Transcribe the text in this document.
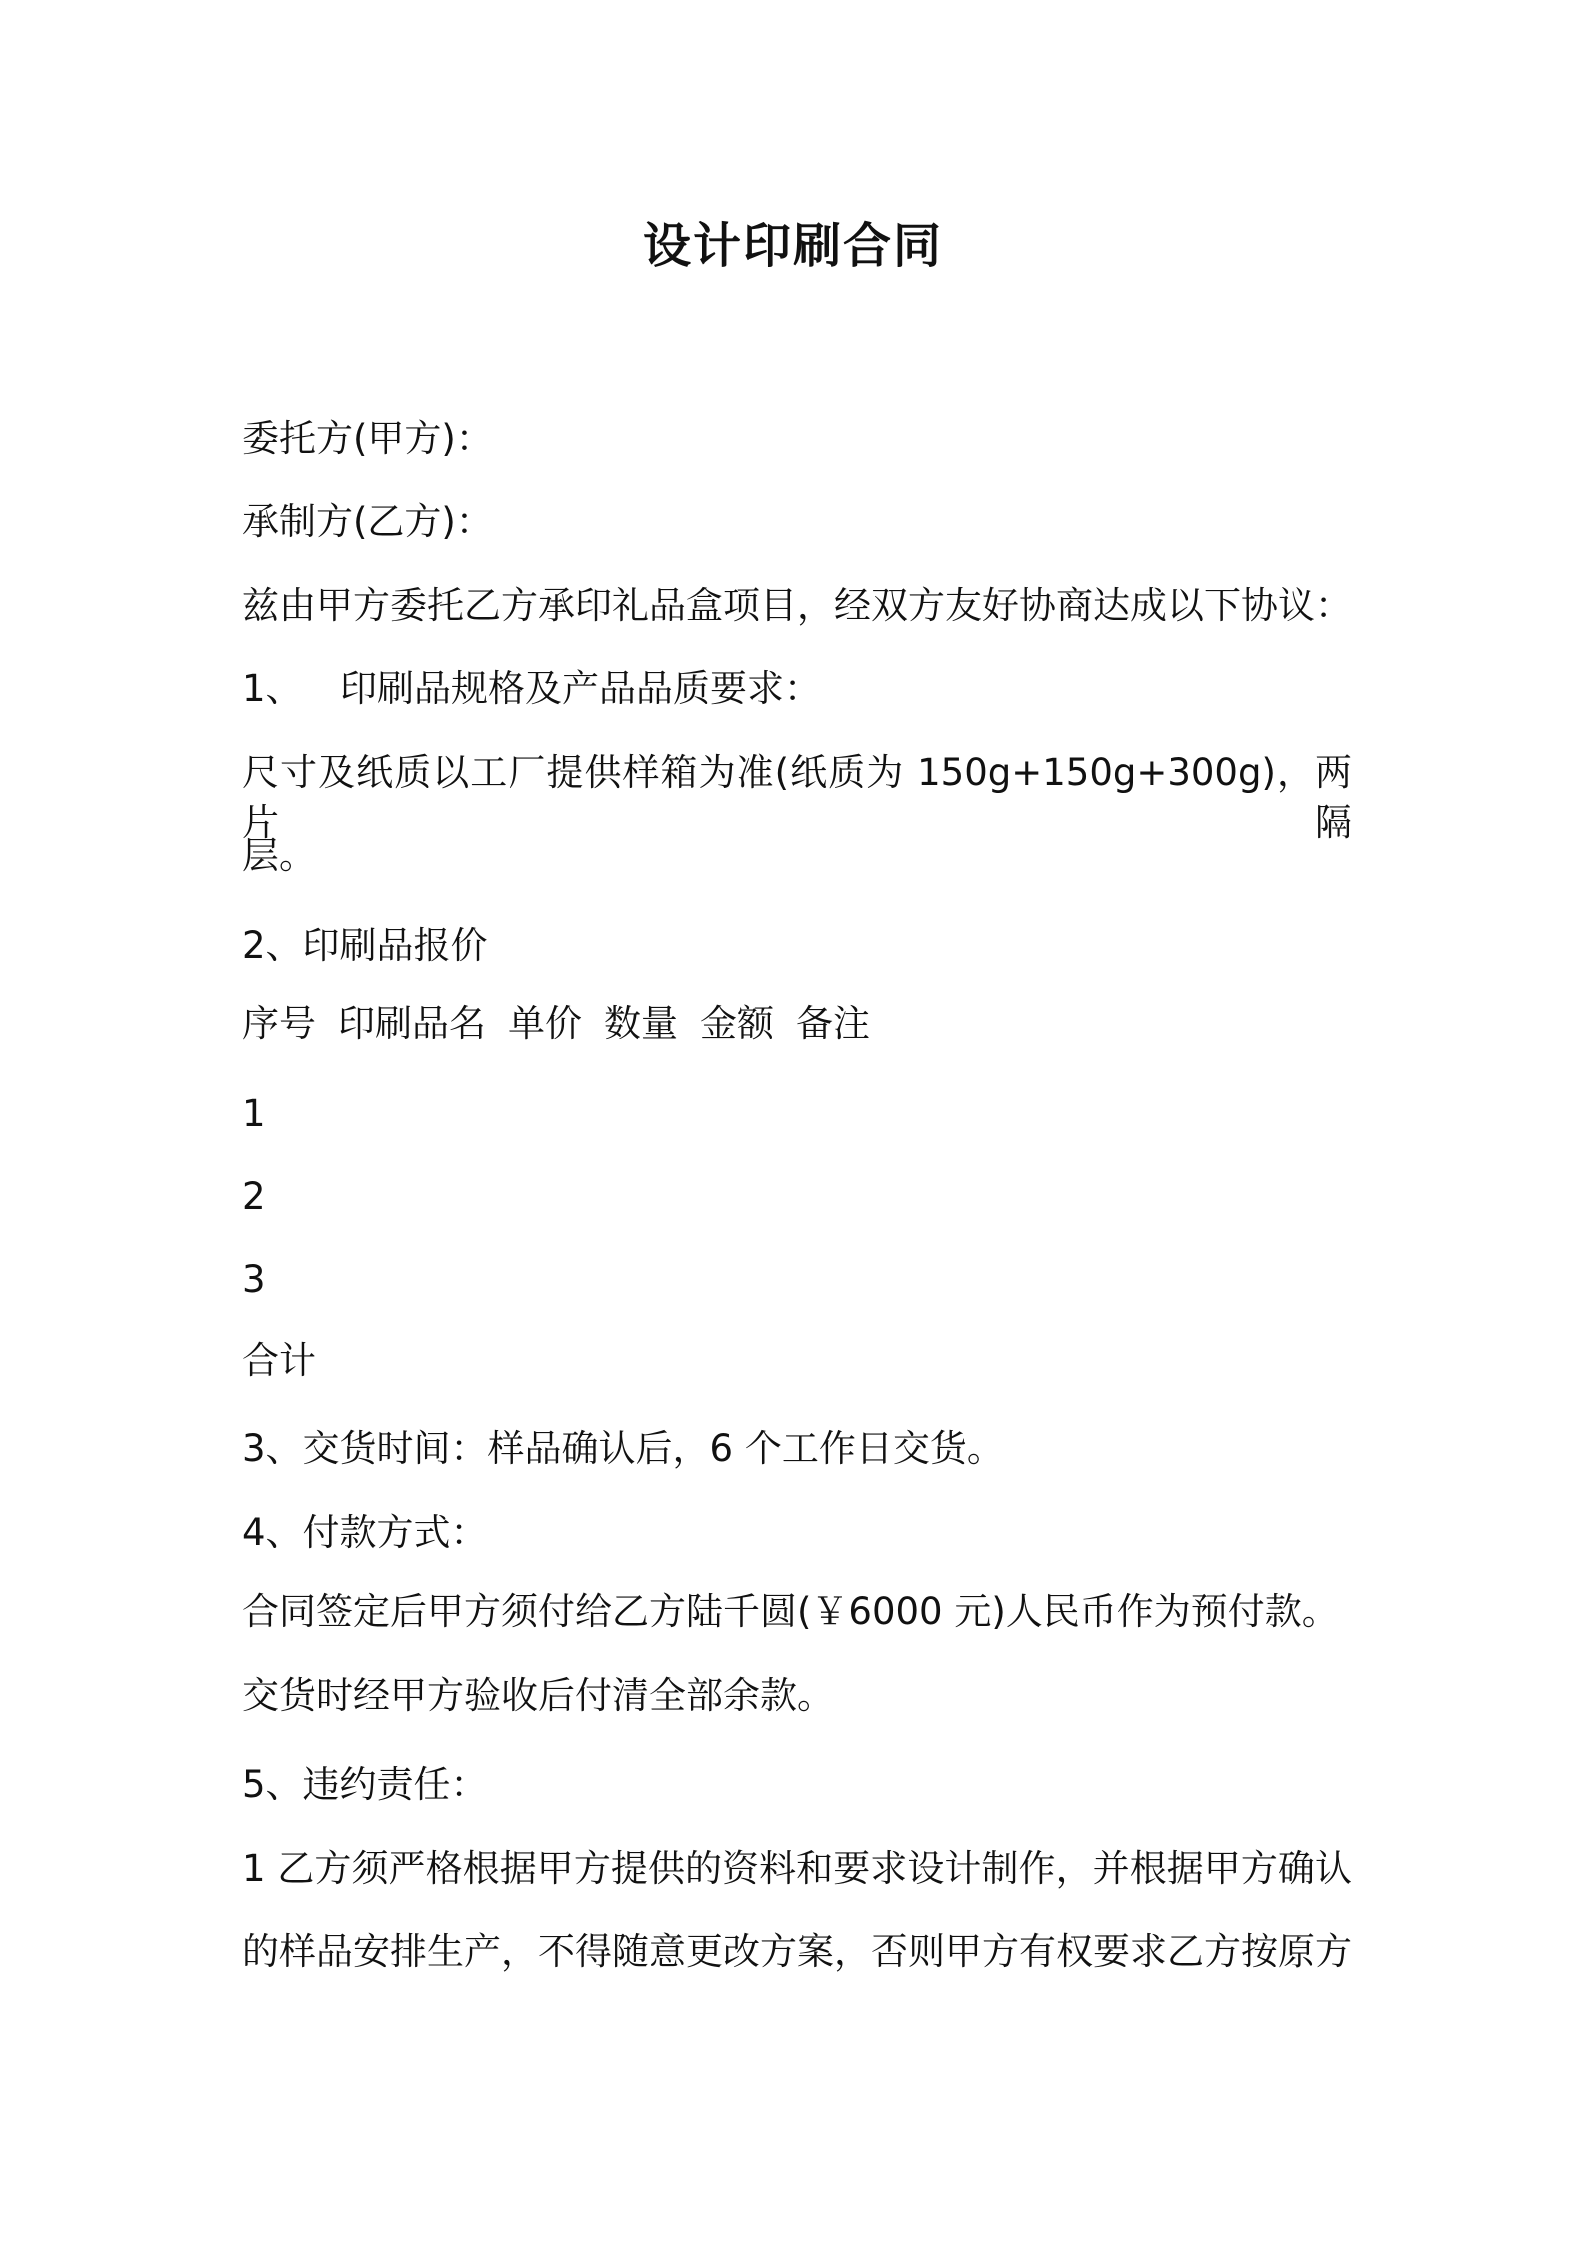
设计印刷合同
委托方(甲方)：
承制方(乙方)：
兹由甲方委托乙方承印礼品盒项目，经双方友好协商达成以下协议：
1、 印刷品规格及产品品质要求：
尺寸及纸质以工厂提供样箱为准(纸质为 150g+150g+300g)，两片隔
层。
2、印刷品报价
序号 印刷品名 单价 数量 金额 备注
1
2
3
合计
3、交货时间：样品确认后，6 个工作日交货。
4、付款方式：
合同签定后甲方须付给乙方陆千圆(￥6000 元)人民币作为预付款。
交货时经甲方验收后付清全部余款。
5、违约责任：
1 乙方须严格根据甲方提供的资料和要求设计制作，并根据甲方确认
的样品安排生产，不得随意更改方案，否则甲方有权要求乙方按原方
